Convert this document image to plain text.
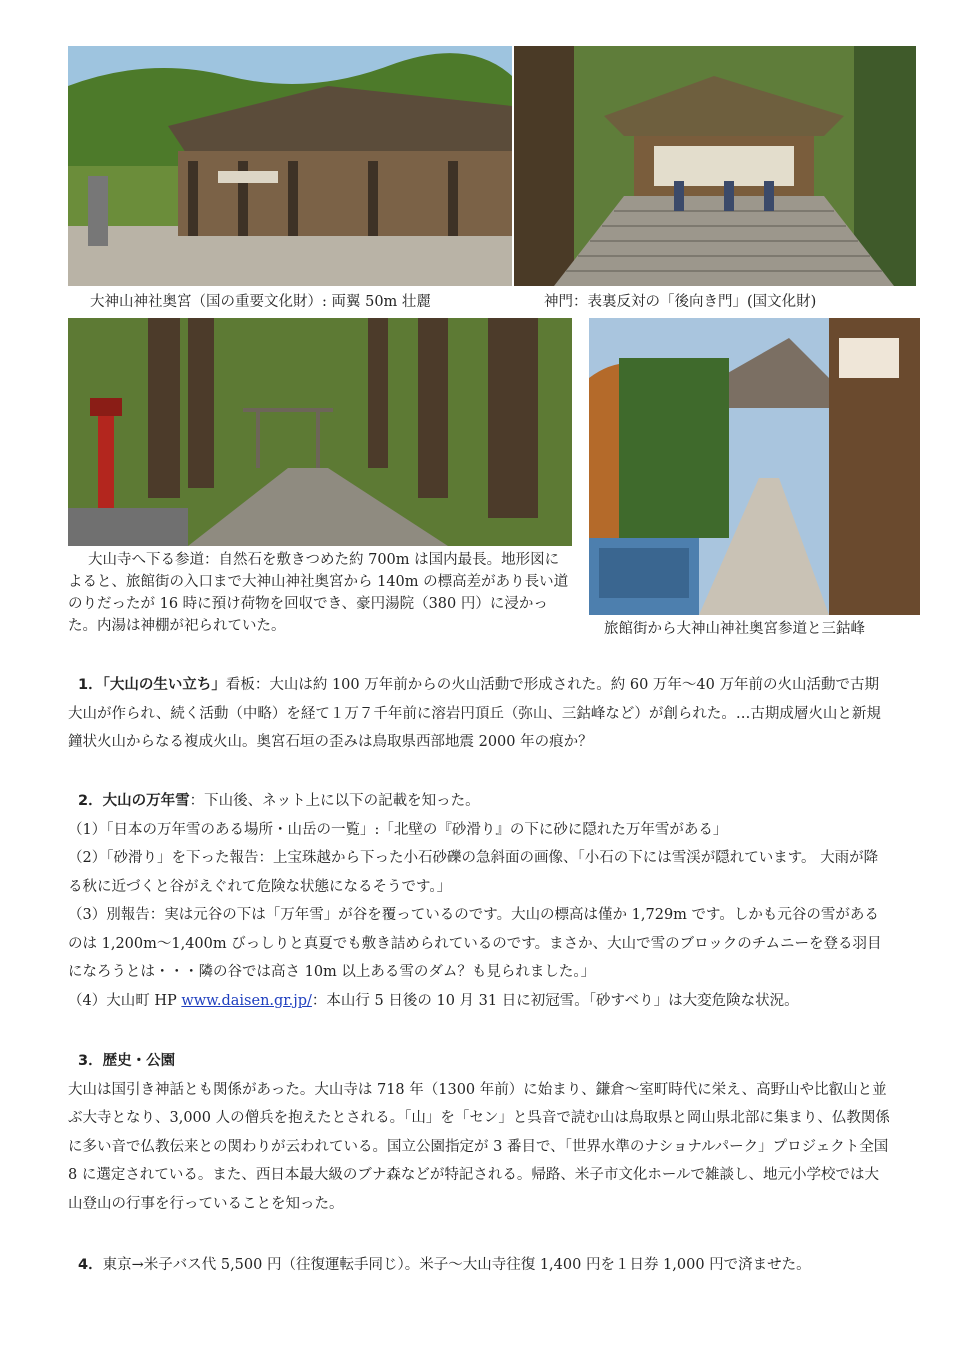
大神山神社奥宮（国の重要文化財）: 両翼 50m 壮麗	神門：表裏反対の「後向き門」(国文化財)
大山寺へ下る参道：自然石を敷きつめた約 700m は国内最長。地形図によると、旅館街の入口まで大神山神社奥宮から 140m の標高差があり長い道のりだったが 16 時に預け荷物を回収でき、豪円湯院（380 円）に浸かった。内湯は神棚が祀られていた。	旅館街から大神山神社奥宮参道と三鈷峰

1．「大山の生い立ち」看板：大山は約 100 万年前からの火山活動で形成された。約 60 万年～40 万年前の火山活動で古期大山が作られ、続く活動（中略）を経て１万７千年前に溶岩円頂丘（弥山、三鈷峰など）が創られた。…古期成層火山と新規鐘状火山からなる複成火山。奥宮石垣の歪みは鳥取県西部地震 2000 年の痕か？

2．大山の万年雪：下山後、ネット上に以下の記載を知った。

（1）「日本の万年雪のある場所・山岳の一覧」:「北壁の『砂滑り』の下に砂に隠れた万年雪がある」

（2）「砂滑り」を下った報告：上宝珠越から下った小石砂礫の急斜面の画像、「小石の下には雪渓が隠れています。 大雨が降る秋に近づくと谷がえぐれて危険な状態になるそうです。」

（3）別報告：実は元谷の下は「万年雪」が谷を覆っているのです。大山の標高は僅か 1,729m です。しかも元谷の雪があるのは 1,200m～1,400m びっしりと真夏でも敷き詰められているのです。まさか、大山で雪のブロックのチムニーを登る羽目になろうとは・・・隣の谷では高さ 10m 以上ある雪のダム？も見られました。」

（4）大山町 HP www.daisen.gr.jp/：本山行 5 日後の 10 月 31 日に初冠雪。「砂すべり」は大変危険な状況。

3．歴史・公園

大山は国引き神話とも関係があった。大山寺は 718 年（1300 年前）に始まり、鎌倉～室町時代に栄え、高野山や比叡山と並ぶ大寺となり、3,000 人の僧兵を抱えたとされる。「山」を「セン」と呉音で読む山は鳥取県と岡山県北部に集まり、仏教関係に多い音で仏教伝来との関わりが云われている。国立公園指定が 3 番目で、「世界水準のナショナルパーク」プロジェクト全国 8 に選定されている。また、西日本最大級のブナ森などが特記される。帰路、米子市文化ホールで雑談し、地元小学校では大山登山の行事を行っていることを知った。

4．東京→米子バス代 5,500 円（往復運転手同じ）。米子～大山寺往復 1,400 円を１日券 1,000 円で済ませた。
